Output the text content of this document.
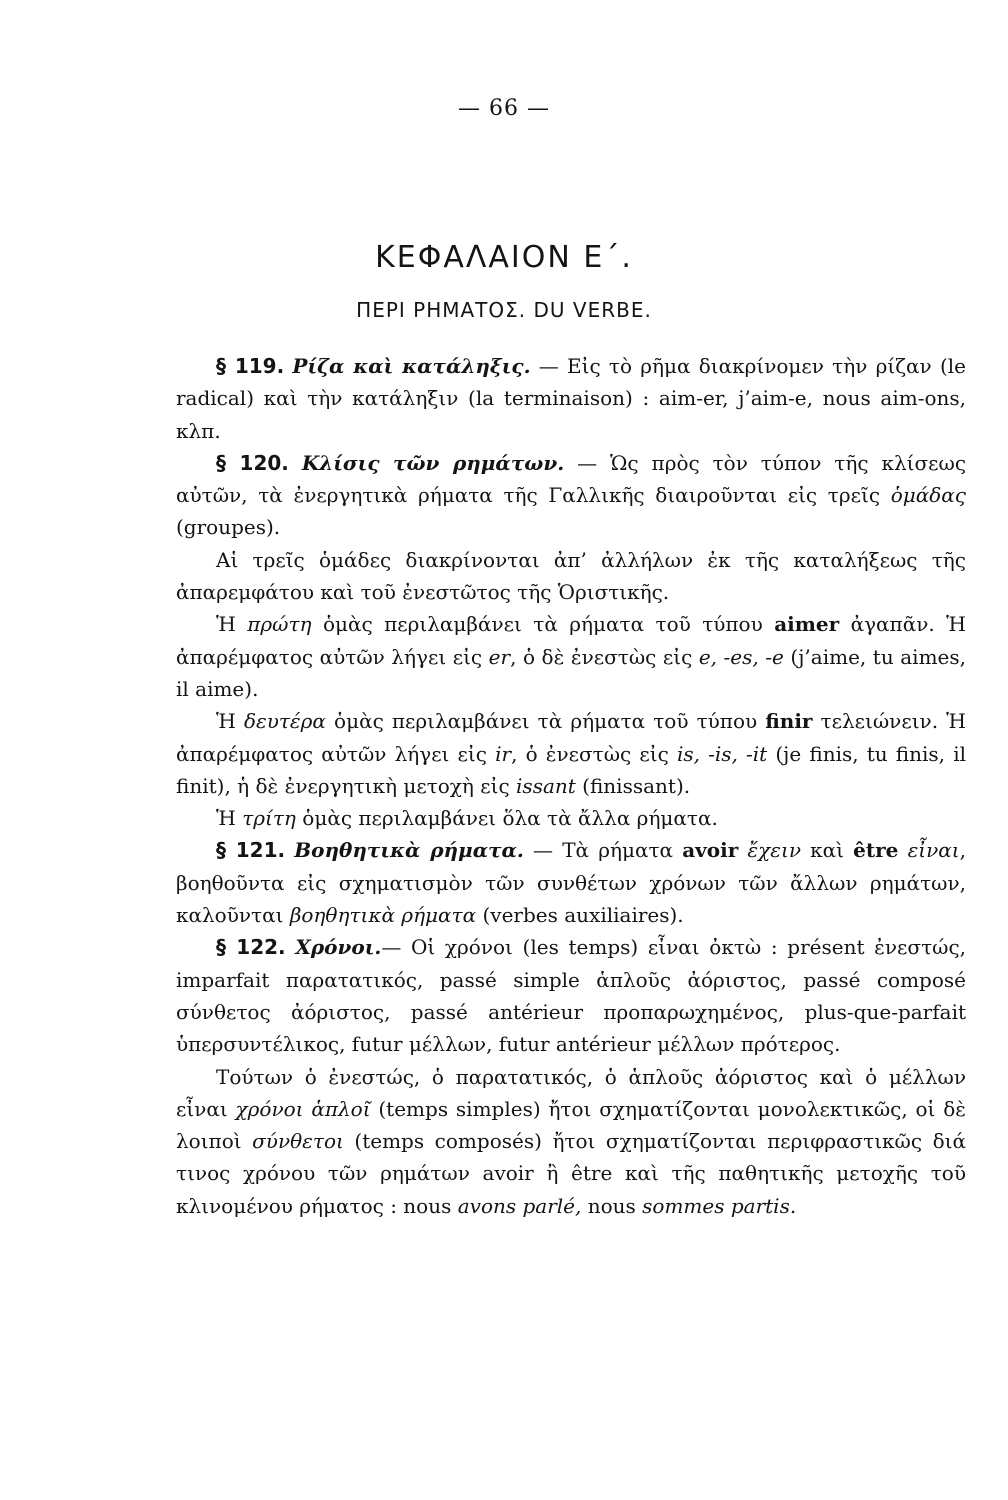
— 66 —
ΚΕΦΑΛΑΙΟΝ Ε΄.
ΠΕΡΙ ΡΗΜΑΤΟΣ. DU VERBE.

§ 119. Ρίζα καὶ κατάληξις. — Εἰς τὸ ρῆμα διακρίνομεν τὴν ρίζαν (le radical) καὶ τὴν κατάληξιν (la terminaison) : aim-er, j’aim-e, nous aim-ons, κλπ.

§ 120. Κλίσις τῶν ρημάτων. — Ὡς πρὸς τὸν τύπον τῆς κλίσεως αὐτῶν, τὰ ἐνεργητικὰ ρήματα τῆς Γαλλικῆς διαιροῦνται εἰς τρεῖς ὁμάδας (groupes).

Αἱ τρεῖς ὁμάδες διακρίνονται ἀπ’ ἀλλήλων ἐκ τῆς καταλήξεως τῆς ἀπαρεμφάτου καὶ τοῦ ἐνεστῶτος τῆς Ὁριστικῆς.

Ἡ πρώτη ὁμὰς περιλαμβάνει τὰ ρήματα τοῦ τύπου aimer ἀγαπᾶν. Ἡ ἀπαρέμφατος αὐτῶν λήγει εἰς er, ὁ δὲ ἐνεστὼς εἰς e, -es, -e (j’aime, tu aimes, il aime).

Ἡ δευτέρα ὁμὰς περιλαμβάνει τὰ ρήματα τοῦ τύπου finir τελειώνειν. Ἡ ἀπαρέμφατος αὐτῶν λήγει εἰς ir, ὁ ἐνεστὼς εἰς is, -is, -it (je finis, tu finis, il finit), ἡ δὲ ἐνεργητικὴ μετοχὴ εἰς issant (finissant).

Ἡ τρίτη ὁμὰς περιλαμβάνει ὅλα τὰ ἄλλα ρήματα.

§ 121. Βοηθητικὰ ρήματα. — Τὰ ρήματα avoir ἔχειν καὶ être εἶναι, βοηθοῦντα εἰς σχηματισμὸν τῶν συνθέτων χρόνων τῶν ἄλλων ρημάτων, καλοῦνται βοηθητικὰ ρήματα (verbes auxiliaires).

§ 122. Χρόνοι.— Οἱ χρόνοι (les temps) εἶναι ὀκτὼ : présent ἐνεστώς, imparfait παρατατικός, passé simple ἁπλοῦς ἀόριστος, passé composé σύνθετος ἀόριστος, passé antérieur προπαρωχημένος, plus-que-parfait ὑπερσυντέλικος, futur μέλλων, futur antérieur μέλλων πρότερος.

Τούτων ὁ ἐνεστώς, ὁ παρατατικός, ὁ ἁπλοῦς ἀόριστος καὶ ὁ μέλλων εἶναι χρόνοι ἁπλοῖ (temps simples) ἤτοι σχηματίζονται μονολεκτικῶς, οἱ δὲ λοιποὶ σύνθετοι (temps composés) ἤτοι σχηματίζονται περιφραστικῶς διά τινος χρόνου τῶν ρημάτων avoir ἢ être καὶ τῆς παθητικῆς μετοχῆς τοῦ κλινομένου ρήματος : nous avons parlé, nous sommes partis.
